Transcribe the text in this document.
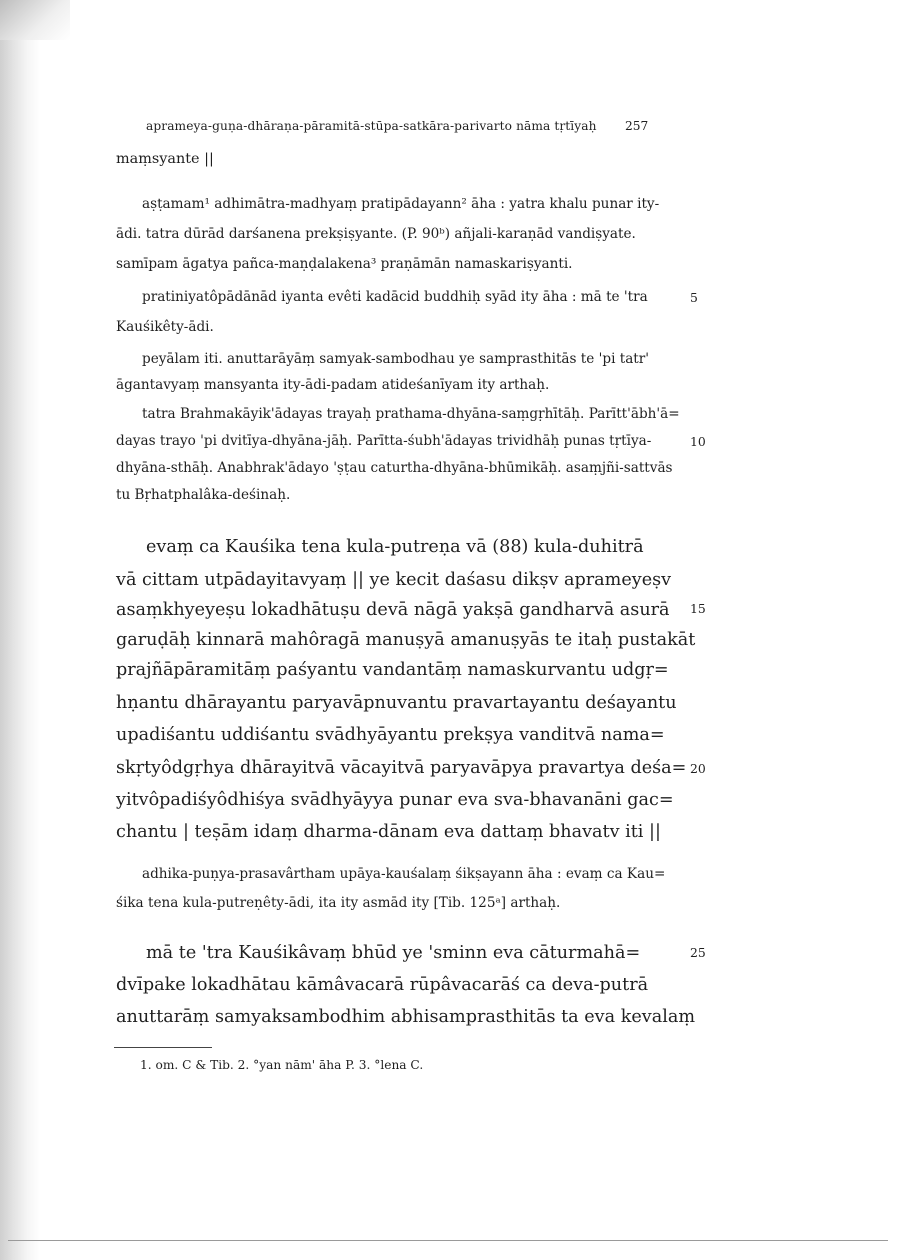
aprameya-guṇa-dhāraṇa-pāramitā-stūpa-satkāra-parivarto nāma tṛtīyaḥ 257

maṃsyante ||

aṣṭamam¹ adhimātra-madhyaṃ pratipādayann² āha : yatra khalu punar ity-

ādi. tatra dūrād darśanena prekṣiṣyante. (P. 90ᵇ) añjali-karaṇād vandiṣyate.

samīpam āgatya pañca-maṇḍalakena³ praṇāmān namaskariṣyanti.

pratiniyatôpādānād iyanta evêti kadācid buddhiḥ syād ity āha : mā te 'tra

Kauśikêty-ādi.

peyālam iti. anuttarāyāṃ samyak-sambodhau ye samprasthitās te 'pi tatr'

āgantavyaṃ mansyanta ity-ādi-padam atideśanīyam ity arthaḥ.

tatra Brahmakāyik'ādayas trayaḥ prathama-dhyāna-saṃgṛhītāḥ. Parītt'ābh'ā=

dayas trayo 'pi dvitīya-dhyāna-jāḥ. Parītta-śubh'ādayas trividhāḥ punas tṛtīya-

dhyāna-sthāḥ. Anabhrak'ādayo 'ṣṭau caturtha-dhyāna-bhūmikāḥ. asaṃjñi-sattvās

tu Bṛhatphalâka-deśinaḥ.

evaṃ ca Kauśika tena kula-putreṇa vā (88) kula-duhitrā

vā cittam utpādayitavyaṃ || ye kecit daśasu dikṣv aprameyeṣv

asaṃkhyeyeṣu lokadhātuṣu devā nāgā yakṣā gandharvā asurā

garuḍāḥ kinnarā mahôragā manuṣyā amanuṣyās te itaḥ pustakāt

prajñāpāramitāṃ paśyantu vandantāṃ namaskurvantu udgṛ=

hṇantu dhārayantu paryavāpnuvantu pravartayantu deśayantu

upadiśantu uddiśantu svādhyāyantu prekṣya vanditvā nama=

skṛtyôdgṛhya dhārayitvā vācayitvā paryavāpya pravartya deśa=

yitvôpadiśyôdhiśya svādhyāyya punar eva sva-bhavanāni gac=

chantu | teṣām idaṃ dharma-dānam eva dattaṃ bhavatv iti ||

adhika-puṇya-prasavârtham upāya-kauśalaṃ śikṣayann āha : evaṃ ca Kau=

śika tena kula-putreṇêty-ādi, ita ity asmād ity [Tib. 125ᵃ] arthaḥ.

mā te 'tra Kauśikâvaṃ bhūd ye 'sminn eva cāturmahā=

dvīpake lokadhātau kāmâvacarā rūpâvacarāś ca deva-putrā

anuttarāṃ samyaksambodhim abhisamprasthitās ta eva kevalaṃ

5
10
15
20
25

1. om. C & Tib. 2. °yan nām' āha P. 3. °lena C.
